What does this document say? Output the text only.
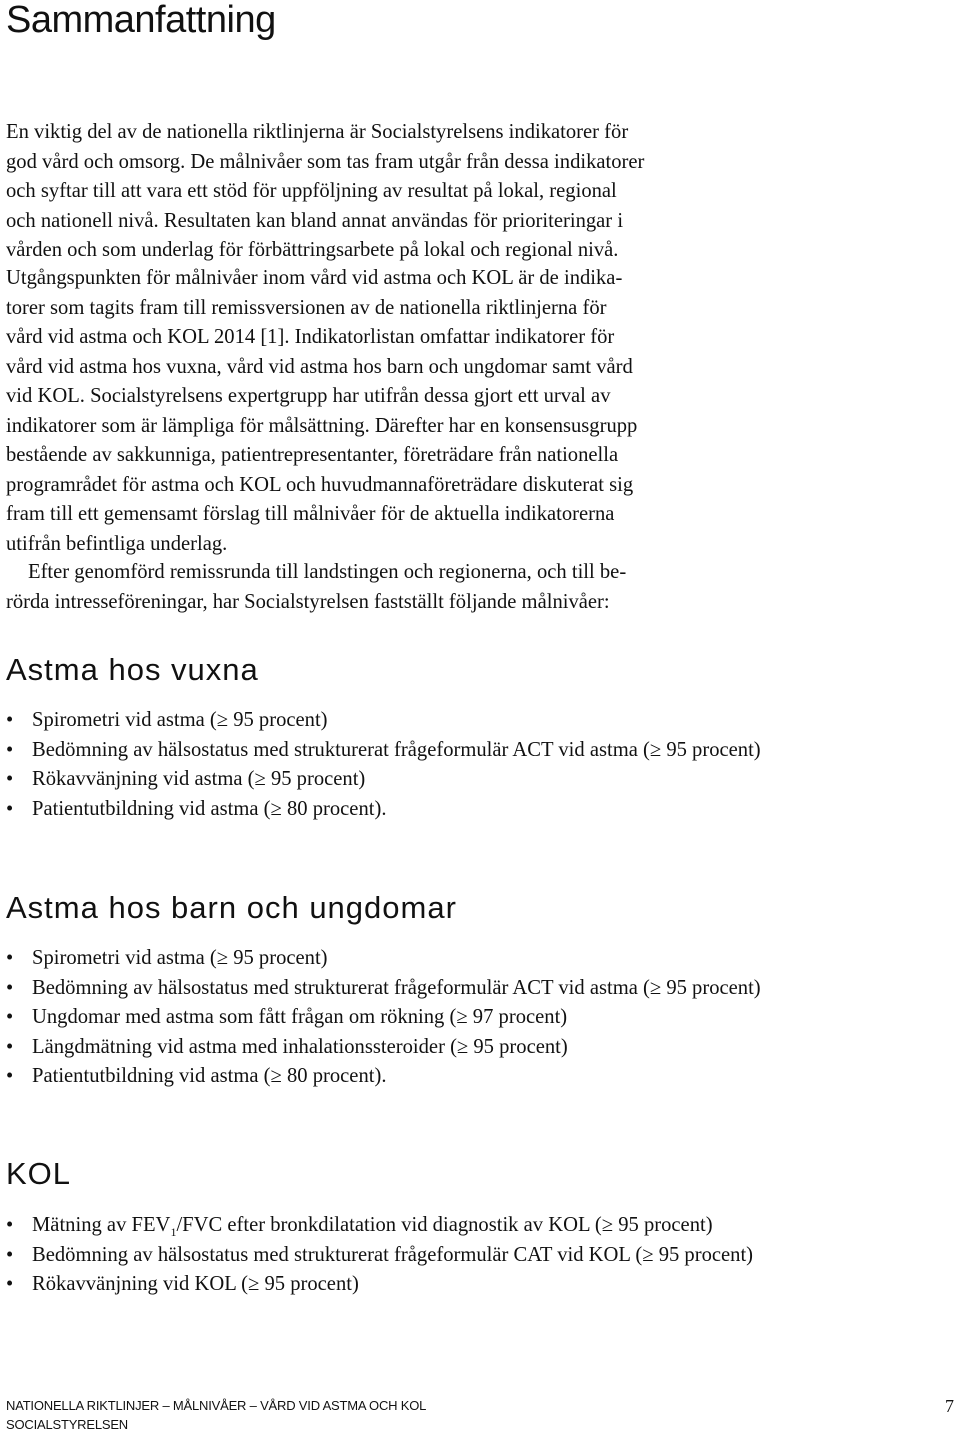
Sammanfattning

En viktig del av de nationella riktlinjerna är Socialstyrelsens indikatorer för
god vård och omsorg. De målnivåer som tas fram utgår från dessa indikatorer
och syftar till att vara ett stöd för uppföljning av resultat på lokal, regional
och nationell nivå. Resultaten kan bland annat användas för prioriteringar i
vården och som underlag för förbättringsarbete på lokal och regional nivå.

Utgångspunkten för målnivåer inom vård vid astma och KOL är de indika-
torer som tagits fram till remissversionen av de nationella riktlinjerna för
vård vid astma och KOL 2014 [1]. Indikatorlistan omfattar indikatorer för
vård vid astma hos vuxna, vård vid astma hos barn och ungdomar samt vård
vid KOL. Socialstyrelsens expertgrupp har utifrån dessa gjort ett urval av
indikatorer som är lämpliga för målsättning. Därefter har en konsensusgrupp
bestående av sakkunniga, patientrepresentanter, företrädare från nationella
programrådet för astma och KOL och huvudmannaföreträdare diskuterat sig
fram till ett gemensamt förslag till målnivåer för de aktuella indikatorerna
utifrån befintliga underlag.

Efter genomförd remissrunda till landstingen och regionerna, och till be-
rörda intresseföreningar, har Socialstyrelsen fastställt följande målnivåer:

Astma hos vuxna
• Spirometri vid astma (≥ 95 procent)
• Bedömning av hälsostatus med strukturerat frågeformulär ACT vid astma (≥ 95 procent)
• Rökavvänjning vid astma (≥ 95 procent)
• Patientutbildning vid astma (≥ 80 procent).
Astma hos barn och ungdomar
• Spirometri vid astma (≥ 95 procent)
• Bedömning av hälsostatus med strukturerat frågeformulär ACT vid astma (≥ 95 procent)
• Ungdomar med astma som fått frågan om rökning (≥ 97 procent)
• Längdmätning vid astma med inhalationssteroider (≥ 95 procent)
• Patientutbildning vid astma (≥ 80 procent).
KOL
• Mätning av $FEV_1$/FVC efter bronkdilatation vid diagnostik av KOL (≥ 95 procent)
• Bedömning av hälsostatus med strukturerat frågeformulär CAT vid KOL (≥ 95 procent)
• Rökavvänjning vid KOL (≥ 95 procent)
NATIONELLA RIKTLINJER – MÅLNIVÅER – VÅRD VID ASTMA OCH KOL
SOCIALSTYRELSEN
7
